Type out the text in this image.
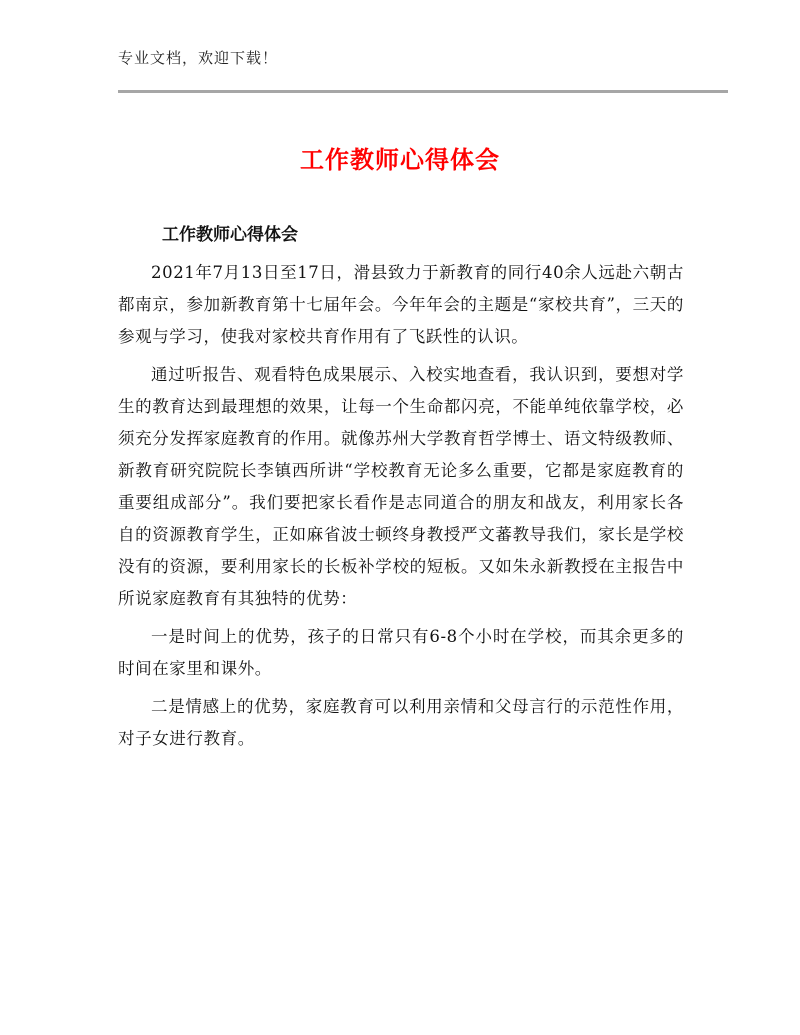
专业文档，欢迎下载！
工作教师心得体会
工作教师心得体会

2021年7月13日至17日，滑县致力于新教育的同行40余人远赴六朝古都南京，参加新教育第十七届年会。今年年会的主题是“家校共育”，三天的参观与学习，使我对家校共育作用有了飞跃性的认识。

通过听报告、观看特色成果展示、入校实地查看，我认识到，要想对学生的教育达到最理想的效果，让每一个生命都闪亮，不能单纯依靠学校，必须充分发挥家庭教育的作用。就像苏州大学教育哲学博士、语文特级教师、新教育研究院院长李镇西所讲“学校教育无论多么重要，它都是家庭教育的重要组成部分”。我们要把家长看作是志同道合的朋友和战友，利用家长各自的资源教育学生，正如麻省波士顿终身教授严文蕃教导我们，家长是学校没有的资源，要利用家长的长板补学校的短板。又如朱永新教授在主报告中所说家庭教育有其独特的优势：

一是时间上的优势，孩子的日常只有6-8个小时在学校，而其余更多的时间在家里和课外。

二是情感上的优势，家庭教育可以利用亲情和父母言行的示范性作用，对子女进行教育。
